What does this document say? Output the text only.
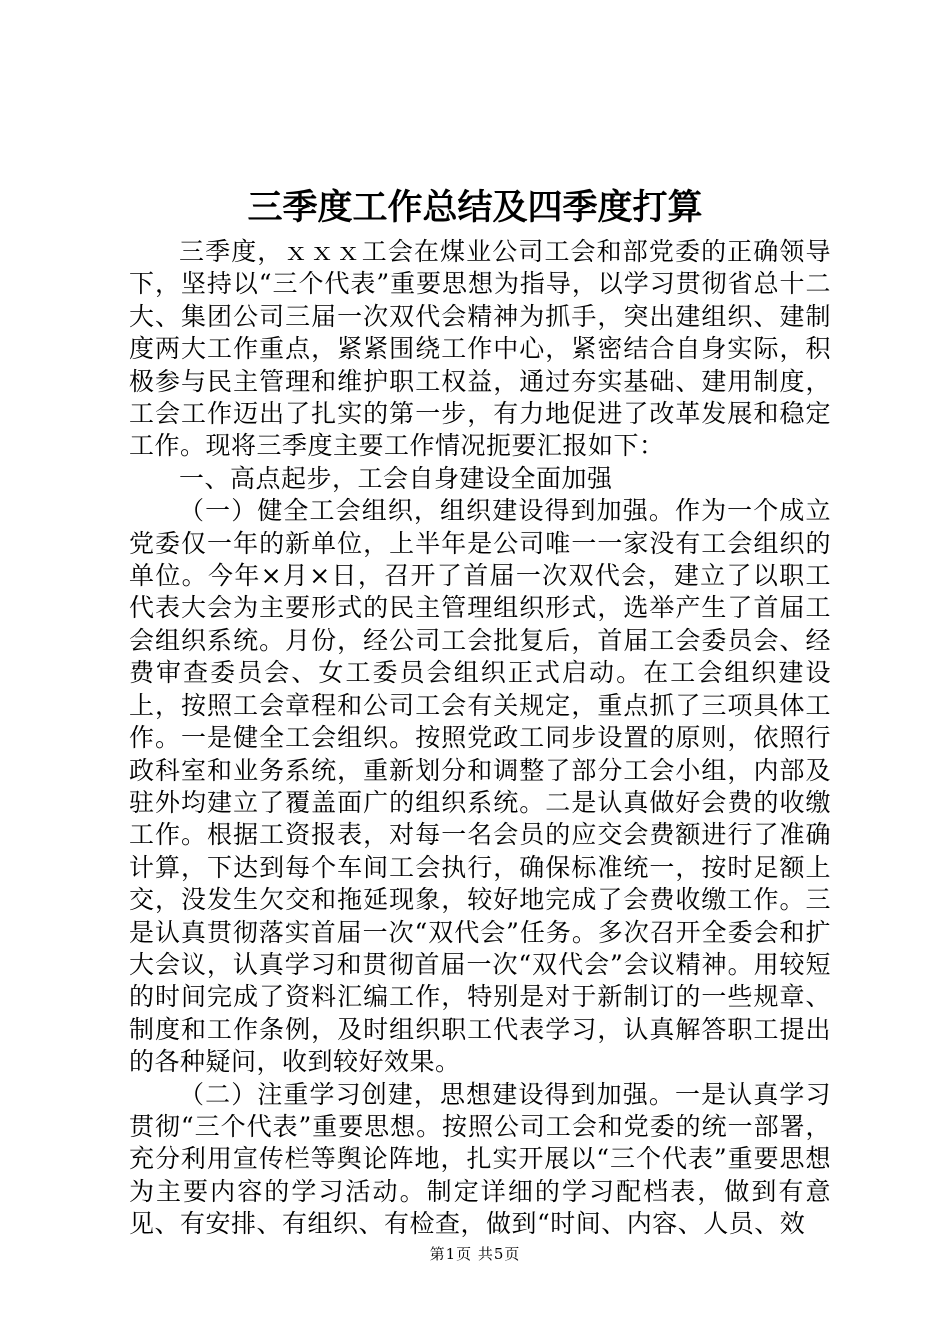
三季度工作总结及四季度打算

三季度，ｘｘｘ工会在煤业公司工会和部党委的正确领导下，坚持以“三个代表”重要思想为指导，以学习贯彻省总十二大、集团公司三届一次双代会精神为抓手，突出建组织、建制度两大工作重点，紧紧围绕工作中心，紧密结合自身实际，积极参与民主管理和维护职工权益，通过夯实基础、建用制度，工会工作迈出了扎实的第一步，有力地促进了改革发展和稳定工作。现将三季度主要工作情况扼要汇报如下：

一、高点起步，工会自身建设全面加强

（一）健全工会组织，组织建设得到加强。作为一个成立党委仅一年的新单位，上半年是公司唯一一家没有工会组织的单位。今年×月×日，召开了首届一次双代会，建立了以职工代表大会为主要形式的民主管理组织形式，选举产生了首届工会组织系统。月份，经公司工会批复后，首届工会委员会、经费审查委员会、女工委员会组织正式启动。在工会组织建设上，按照工会章程和公司工会有关规定，重点抓了三项具体工作。一是健全工会组织。按照党政工同步设置的原则，依照行政科室和业务系统，重新划分和调整了部分工会小组，内部及驻外均建立了覆盖面广的组织系统。二是认真做好会费的收缴工作。根据工资报表，对每一名会员的应交会费额进行了准确计算，下达到每个车间工会执行，确保标准统一，按时足额上交，没发生欠交和拖延现象，较好地完成了会费收缴工作。三是认真贯彻落实首届一次“双代会”任务。多次召开全委会和扩大会议，认真学习和贯彻首届一次“双代会”会议精神。用较短的时间完成了资料汇编工作，特别是对于新制订的一些规章、制度和工作条例，及时组织职工代表学习，认真解答职工提出的各种疑问，收到较好效果。

（二）注重学习创建，思想建设得到加强。一是认真学习贯彻“三个代表”重要思想。按照公司工会和党委的统一部署，充分利用宣传栏等舆论阵地，扎实开展以“三个代表”重要思想为主要内容的学习活动。制定详细的学习配档表，做到有意见、有安排、有组织、有检查，做到“时间、内容、人员、效

第1页 共5页
